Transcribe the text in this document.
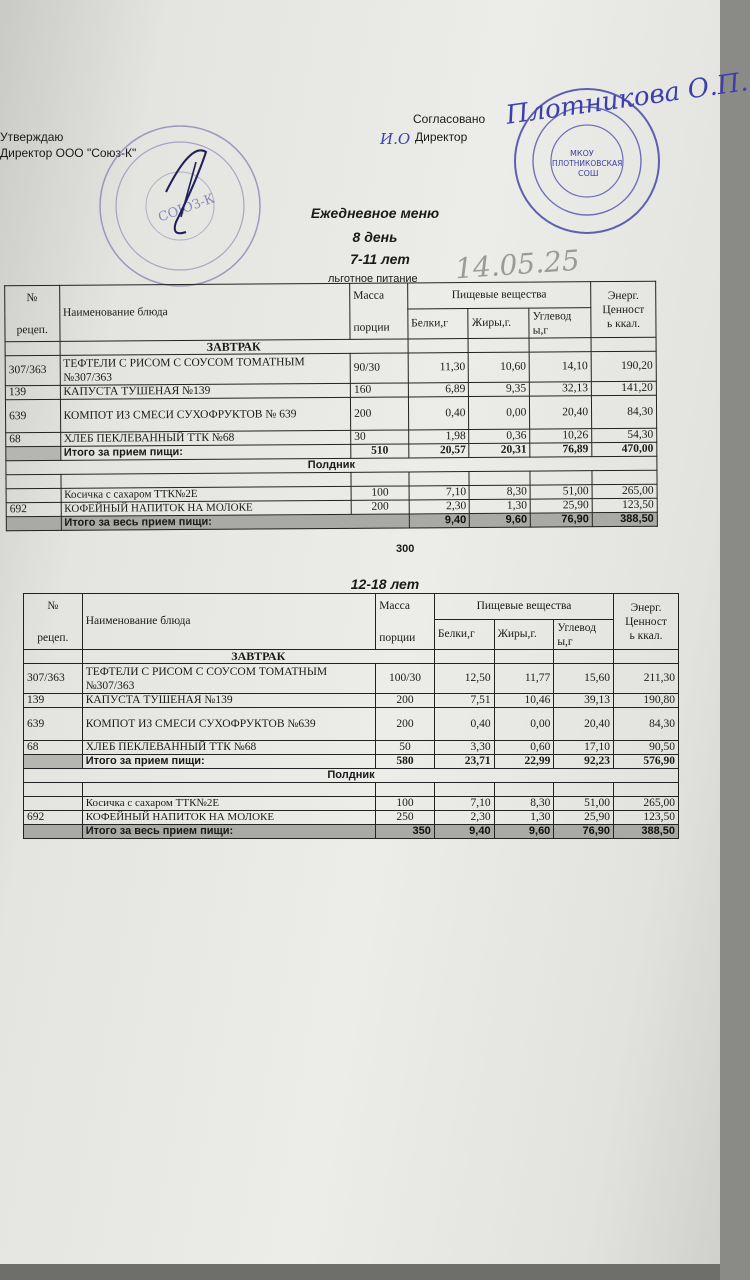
Утверждаю
Директор ООО "Союз-К"
СОЮЗ-К
Согласовано
И.О Директор
МКОУ
ПЛОТНИКОВСКАЯ
СОШ
Плотникова О.П.
Ежедневное меню
8 день
7-11 лет
льготное питание 14.05.25
№

рецеп.	Наименование блюда	Масса

порции	Пищевые вещества			Энерг.
Ценност
ь ккал.
			Белки,г	Жиры,г.	Углевод
ы,г	
	ЗАВТРАК					
307/363	ТЕФТЕЛИ С РИСОМ С СОУСОМ ТОМАТНЫМ №307/363	90/30	11,30	10,60	14,10	190,20
139	КАПУСТА ТУШЕНАЯ №139	160	6,89	9,35	32,13	141,20
639	КОМПОТ ИЗ СМЕСИ СУХОФРУКТОВ № 639	200	0,40	0,00	20,40	84,30
68	ХЛЕБ ПЕКЛЕВАННЫЙ ТТК №68	30	1,98	0,36	10,26	54,30
	Итого за прием пищи:	510	20,57	20,31	76,89	470,00
Полдник						

	Косичка с сахаром ТТК№2Е	100	7,10	8,30	51,00	265,00
692	КОФЕЙНЫЙ НАПИТОК НА МОЛОКЕ	200	2,30	1,30	25,90	123,50
	Итого за весь прием пищи:		9,40	9,60	76,90	388,50
300
12-18 лет
№

рецеп.	Наименование блюда	Масса

порции	Пищевые вещества			Энерг.
Ценност
ь ккал.
			Белки,г	Жиры,г.	Углевод
ы,г	
	ЗАВТРАК					
307/363	ТЕФТЕЛИ С РИСОМ С СОУСОМ ТОМАТНЫМ №307/363	100/30	12,50	11,77	15,60	211,30
139	КАПУСТА ТУШЕНАЯ №139	200	7,51	10,46	39,13	190,80
639	КОМПОТ ИЗ СМЕСИ СУХОФРУКТОВ №639	200	0,40	0,00	20,40	84,30
68	ХЛЕБ ПЕКЛЕВАННЫЙ ТТК №68	50	3,30	0,60	17,10	90,50
	Итого за прием пищи:	580	23,71	22,99	92,23	576,90
Полдник						

	Косичка с сахаром ТТК№2Е	100	7,10	8,30	51,00	265,00
692	КОФЕЙНЫЙ НАПИТОК НА МОЛОКЕ	250	2,30	1,30	25,90	123,50
	Итого за весь прием пищи:	350	9,40	9,60	76,90	388,50
